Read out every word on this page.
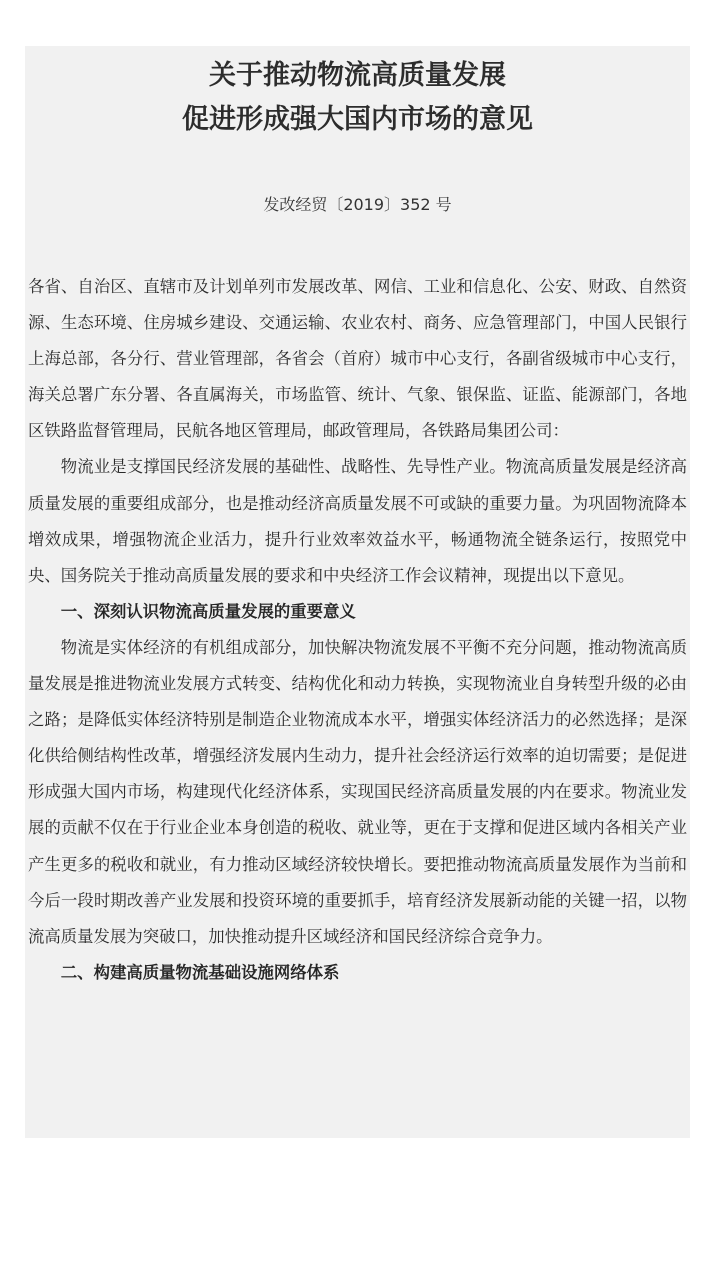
关于推动物流高质量发展
促进形成强大国内市场的意见

发改经贸〔2019〕352 号

各省、自治区、直辖市及计划单列市发展改革、网信、工业和信息化、公安、财政、自然资源、生态环境、住房城乡建设、交通运输、农业农村、商务、应急管理部门，中国人民银行上海总部，各分行、营业管理部，各省会（首府）城市中心支行，各副省级城市中心支行，海关总署广东分署、各直属海关，市场监管、统计、气象、银保监、证监、能源部门，各地区铁路监督管理局，民航各地区管理局，邮政管理局，各铁路局集团公司：

物流业是支撑国民经济发展的基础性、战略性、先导性产业。物流高质量发展是经济高质量发展的重要组成部分，也是推动经济高质量发展不可或缺的重要力量。为巩固物流降本增效成果，增强物流企业活力，提升行业效率效益水平，畅通物流全链条运行，按照党中央、国务院关于推动高质量发展的要求和中央经济工作会议精神，现提出以下意见。

一、深刻认识物流高质量发展的重要意义

物流是实体经济的有机组成部分，加快解决物流发展不平衡不充分问题，推动物流高质量发展是推进物流业发展方式转变、结构优化和动力转换，实现物流业自身转型升级的必由之路；是降低实体经济特别是制造企业物流成本水平，增强实体经济活力的必然选择；是深化供给侧结构性改革，增强经济发展内生动力，提升社会经济运行效率的迫切需要；是促进形成强大国内市场，构建现代化经济体系，实现国民经济高质量发展的内在要求。物流业发展的贡献不仅在于行业企业本身创造的税收、就业等，更在于支撑和促进区域内各相关产业产生更多的税收和就业，有力推动区域经济较快增长。要把推动物流高质量发展作为当前和今后一段时期改善产业发展和投资环境的重要抓手，培育经济发展新动能的关键一招，以物流高质量发展为突破口，加快推动提升区域经济和国民经济综合竞争力。

二、构建高质量物流基础设施网络体系
